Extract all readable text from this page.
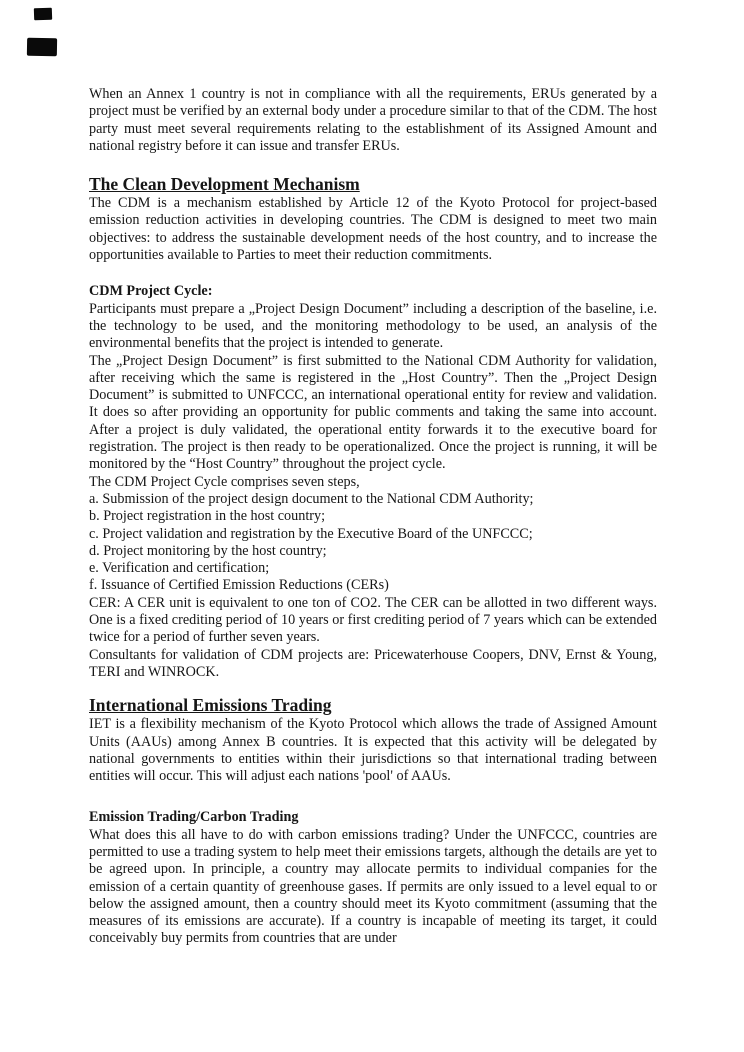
When an Annex 1 country is not in compliance with all the requirements, ERUs generated by a project must be verified by an external body under a procedure similar to that of the CDM. The host party must meet several requirements relating to the establishment of its Assigned Amount and national registry before it can issue and transfer ERUs.

The Clean Development Mechanism

The CDM is a mechanism established by Article 12 of the Kyoto Protocol for project-based emission reduction activities in developing countries. The CDM is designed to meet two main objectives: to address the sustainable development needs of the host country, and to increase the opportunities available to Parties to meet their reduction commitments.

CDM Project Cycle:

Participants must prepare a „Project Design Document” including a description of the baseline, i.e. the technology to be used, and the monitoring methodology to be used, an analysis of the environmental benefits that the project is intended to generate.

The „Project Design Document” is first submitted to the National CDM Authority for validation, after receiving which the same is registered in the „Host Country”. Then the „Project Design Document” is submitted to UNFCCC, an international operational entity for review and validation. It does so after providing an opportunity for public comments and taking the same into account. After a project is duly validated, the operational entity forwards it to the executive board for registration. The project is then ready to be operationalized. Once the project is running, it will be monitored by the “Host Country” throughout the project cycle.

The CDM Project Cycle comprises seven steps,

a. Submission of the project design document to the National CDM Authority;

b. Project registration in the host country;

c. Project validation and registration by the Executive Board of the UNFCCC;

d. Project monitoring by the host country;

e. Verification and certification;

f. Issuance of Certified Emission Reductions (CERs)

CER: A CER unit is equivalent to one ton of CO2. The CER can be allotted in two different ways. One is a fixed crediting period of 10 years or first crediting period of 7 years which can be extended twice for a period of further seven years.

Consultants for validation of CDM projects are: Pricewaterhouse Coopers, DNV, Ernst & Young, TERI and WINROCK.

International Emissions Trading

IET is a flexibility mechanism of the Kyoto Protocol which allows the trade of Assigned Amount Units (AAUs) among Annex B countries. It is expected that this activity will be delegated by national governments to entities within their jurisdictions so that international trading between entities will occur. This will adjust each nations 'pool' of AAUs.

Emission Trading/Carbon Trading

What does this all have to do with carbon emissions trading? Under the UNFCCC, countries are permitted to use a trading system to help meet their emissions targets, although the details are yet to be agreed upon. In principle, a country may allocate permits to individual companies for the emission of a certain quantity of greenhouse gases. If permits are only issued to a level equal to or below the assigned amount, then a country should meet its Kyoto commitment (assuming that the measures of its emissions are accurate). If a country is incapable of meeting its target, it could conceivably buy permits from countries that are under
